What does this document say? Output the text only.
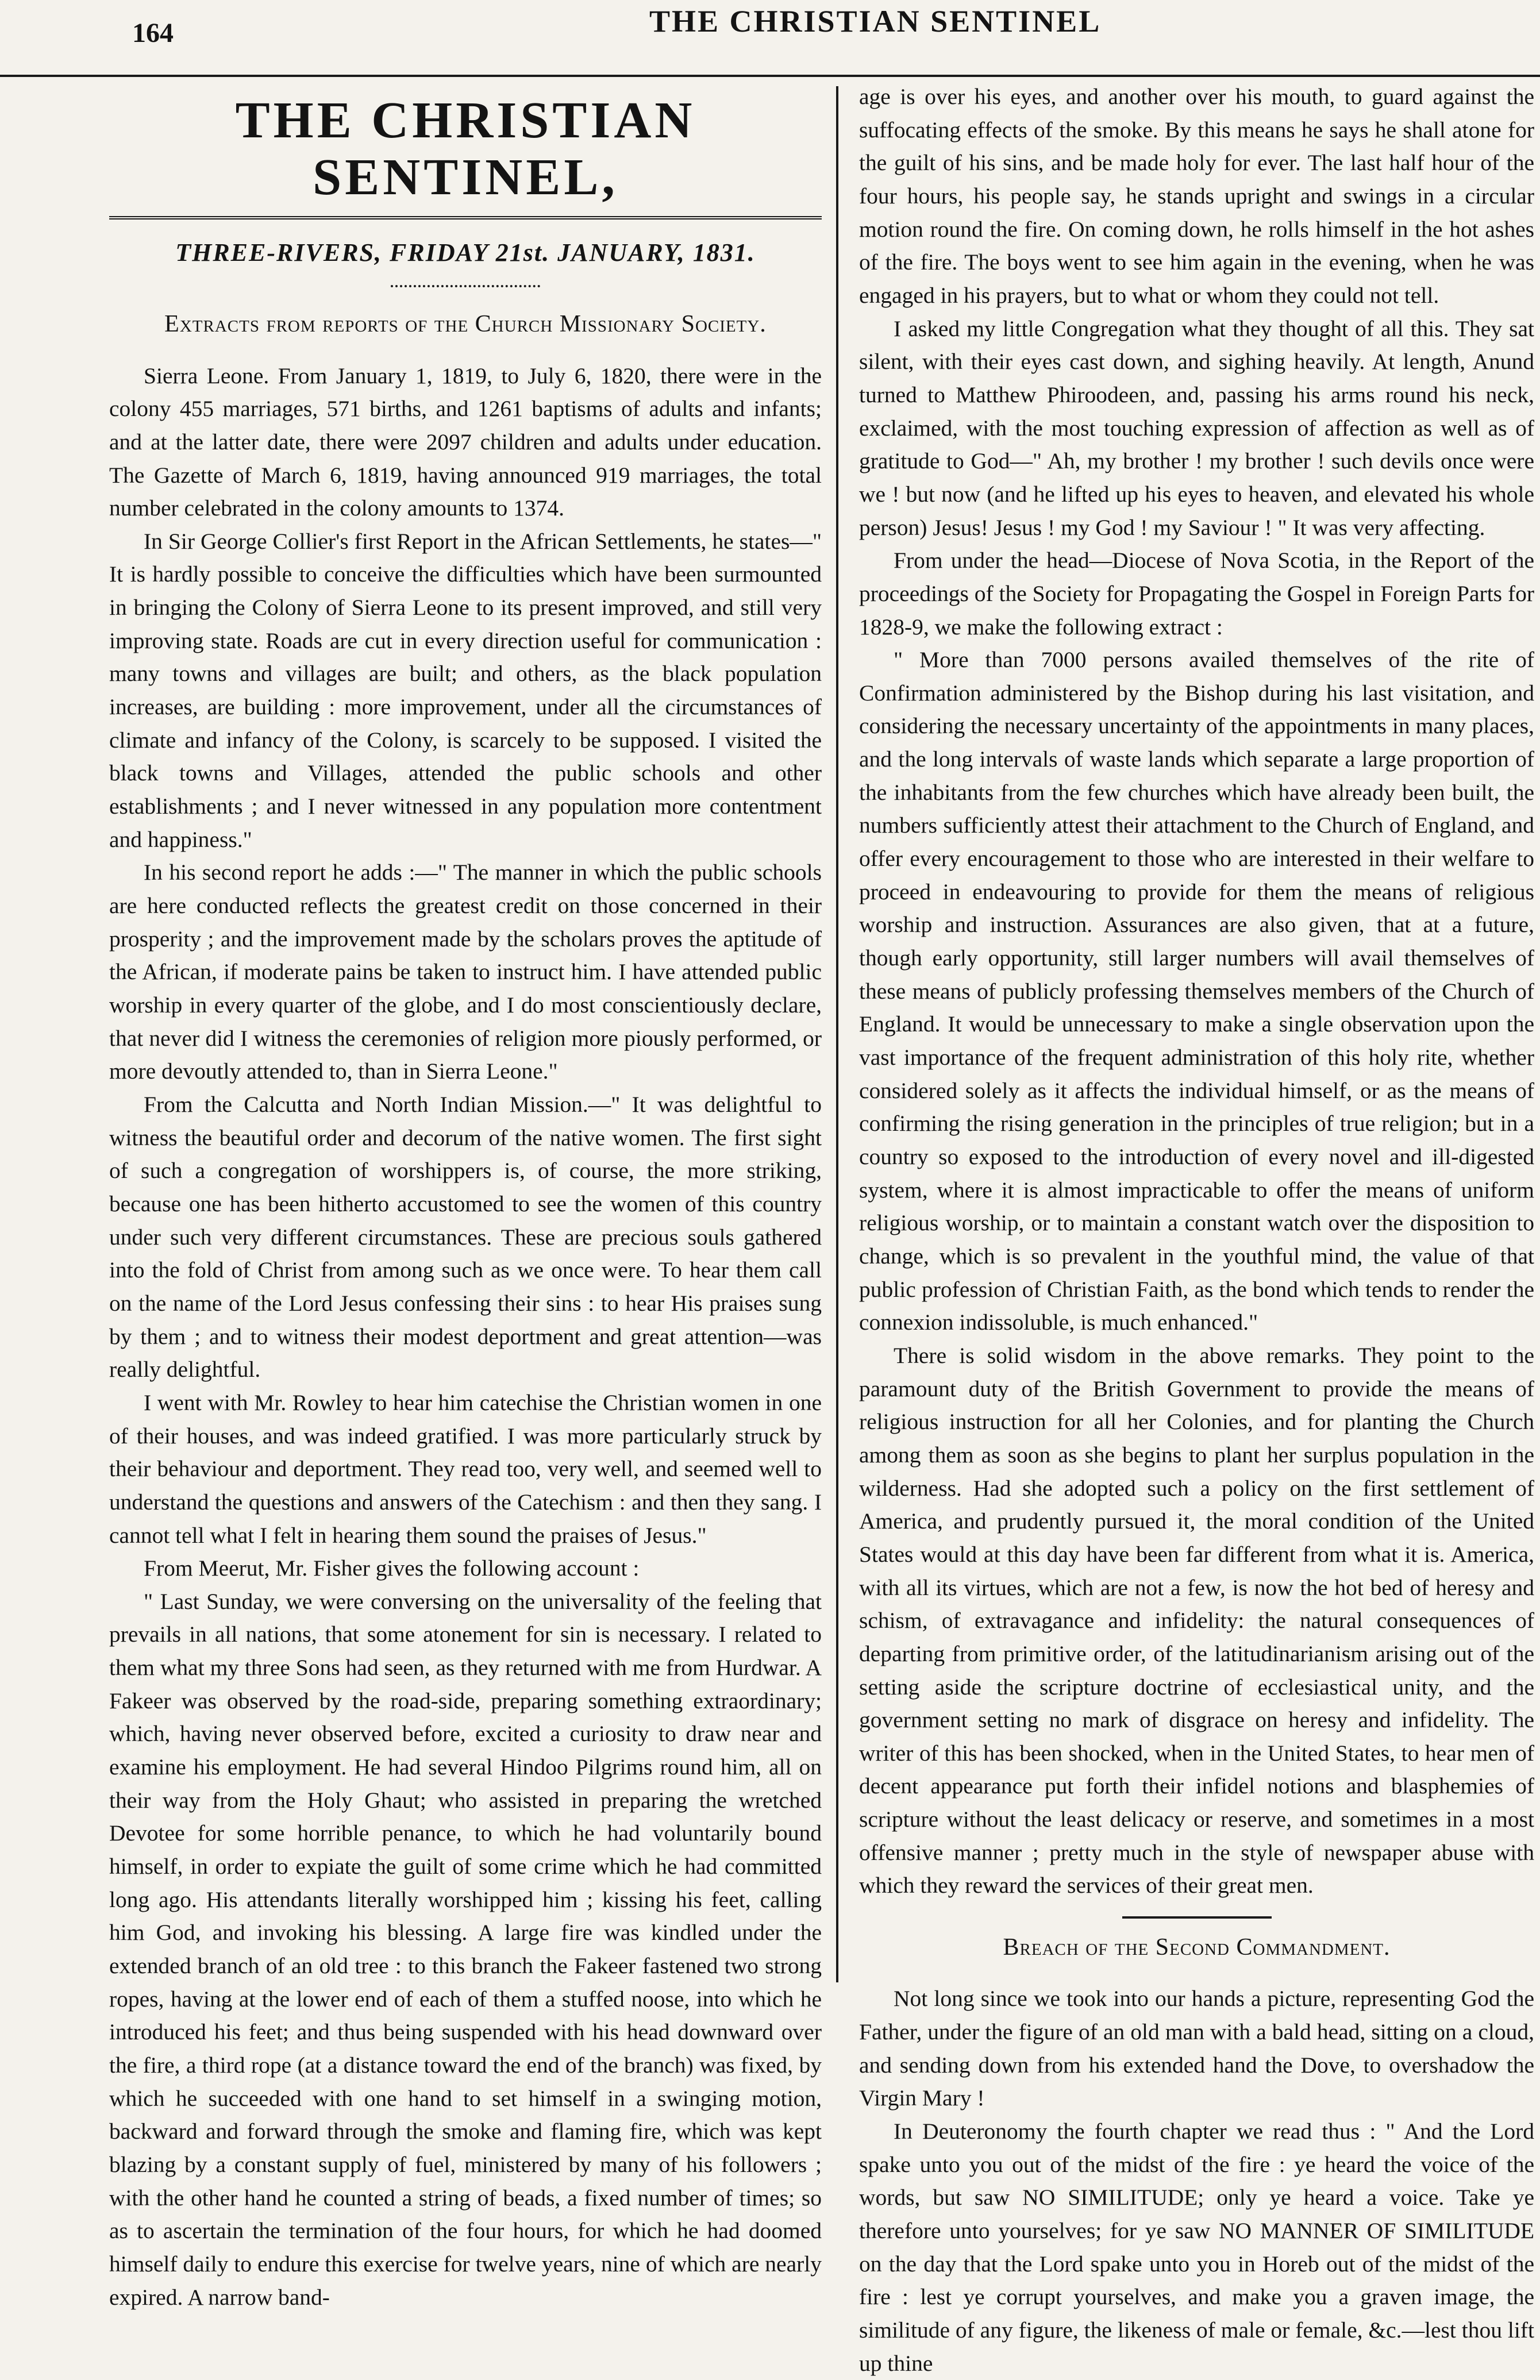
164	THE CHRISTIAN SENTINEL
THE CHRISTIAN SENTINEL,
THREE-RIVERS, FRIDAY 21st. JANUARY, 1831.
Extracts from reports of the Church Missionary Society.

Sierra Leone. From January 1, 1819, to July 6, 1820, there were in the colony 455 marriages, 571 births, and 1261 baptisms of adults and infants; and at the latter date, there were 2097 children and adults under education. The Gazette of March 6, 1819, having announced 919 marriages, the total number celebrated in the colony amounts to 1374.

In Sir George Collier's first Report in the African Settlements, he states—" It is hardly possible to conceive the difficulties which have been surmounted in bringing the Colony of Sierra Leone to its present improved, and still very improving state. Roads are cut in every direction useful for communication : many towns and villages are built; and others, as the black population increases, are building : more improvement, under all the circumstances of climate and infancy of the Colony, is scarcely to be supposed. I visited the black towns and Villages, attended the public schools and other establishments ; and I never witnessed in any population more contentment and happiness."

In his second report he adds :—" The manner in which the public schools are here conducted reflects the greatest credit on those concerned in their prosperity ; and the improvement made by the scholars proves the aptitude of the African, if moderate pains be taken to instruct him. I have attended public worship in every quarter of the globe, and I do most conscientiously declare, that never did I witness the ceremonies of religion more piously performed, or more devoutly attended to, than in Sierra Leone."

From the Calcutta and North Indian Mission.—" It was delightful to witness the beautiful order and decorum of the native women. The first sight of such a congregation of worshippers is, of course, the more striking, because one has been hitherto accustomed to see the women of this country under such very different circumstances. These are precious souls gathered into the fold of Christ from among such as we once were. To hear them call on the name of the Lord Jesus confessing their sins : to hear His praises sung by them ; and to witness their modest deportment and great attention—was really delightful.

I went with Mr. Rowley to hear him catechise the Christian women in one of their houses, and was indeed gratified. I was more particularly struck by their behaviour and deportment. They read too, very well, and seemed well to understand the questions and answers of the Catechism : and then they sang. I cannot tell what I felt in hearing them sound the praises of Jesus."

From Meerut, Mr. Fisher gives the following account :

" Last Sunday, we were conversing on the universality of the feeling that prevails in all nations, that some atonement for sin is necessary. I related to them what my three Sons had seen, as they returned with me from Hurdwar. A Fakeer was observed by the road-side, preparing something extraordinary; which, having never observed before, excited a curiosity to draw near and examine his employment. He had several Hindoo Pilgrims round him, all on their way from the Holy Ghaut; who assisted in preparing the wretched Devotee for some horrible penance, to which he had voluntarily bound himself, in order to expiate the guilt of some crime which he had committed long ago. His attendants literally worshipped him ; kissing his feet, calling him God, and invoking his blessing. A large fire was kindled under the extended branch of an old tree : to this branch the Fakeer fastened two strong ropes, having at the lower end of each of them a stuffed noose, into which he introduced his feet; and thus being suspended with his head downward over the fire, a third rope (at a distance toward the end of the branch) was fixed, by which he succeeded with one hand to set himself in a swinging motion, backward and forward through the smoke and flaming fire, which was kept blazing by a constant supply of fuel, ministered by many of his followers ; with the other hand he counted a string of beads, a fixed number of times; so as to ascertain the termination of the four hours, for which he had doomed himself daily to endure this exercise for twelve years, nine of which are nearly expired. A narrow band-

age is over his eyes, and another over his mouth, to guard against the suffocating effects of the smoke. By this means he says he shall atone for the guilt of his sins, and be made holy for ever. The last half hour of the four hours, his people say, he stands upright and swings in a circular motion round the fire. On coming down, he rolls himself in the hot ashes of the fire. The boys went to see him again in the evening, when he was engaged in his prayers, but to what or whom they could not tell.

I asked my little Congregation what they thought of all this. They sat silent, with their eyes cast down, and sighing heavily. At length, Anund turned to Matthew Phiroodeen, and, passing his arms round his neck, exclaimed, with the most touching expression of affection as well as of gratitude to God—" Ah, my brother ! my brother ! such devils once were we ! but now (and he lifted up his eyes to heaven, and elevated his whole person) Jesus! Jesus ! my God ! my Saviour ! " It was very affecting.

From under the head—Diocese of Nova Scotia, in the Report of the proceedings of the Society for Propagating the Gospel in Foreign Parts for 1828-9, we make the following extract :

" More than 7000 persons availed themselves of the rite of Confirmation administered by the Bishop during his last visitation, and considering the necessary uncertainty of the appointments in many places, and the long intervals of waste lands which separate a large proportion of the inhabitants from the few churches which have already been built, the numbers sufficiently attest their attachment to the Church of England, and offer every encouragement to those who are interested in their welfare to proceed in endeavouring to provide for them the means of religious worship and instruction. Assurances are also given, that at a future, though early opportunity, still larger numbers will avail themselves of these means of publicly professing themselves members of the Church of England. It would be unnecessary to make a single observation upon the vast importance of the frequent administration of this holy rite, whether considered solely as it affects the individual himself, or as the means of confirming the rising generation in the principles of true religion; but in a country so exposed to the introduction of every novel and ill-digested system, where it is almost impracticable to offer the means of uniform religious worship, or to maintain a constant watch over the disposition to change, which is so prevalent in the youthful mind, the value of that public profession of Christian Faith, as the bond which tends to render the connexion indissoluble, is much enhanced."

There is solid wisdom in the above remarks. They point to the paramount duty of the British Government to provide the means of religious instruction for all her Colonies, and for planting the Church among them as soon as she begins to plant her surplus population in the wilderness. Had she adopted such a policy on the first settlement of America, and prudently pursued it, the moral condition of the United States would at this day have been far different from what it is. America, with all its virtues, which are not a few, is now the hot bed of heresy and schism, of extravagance and infidelity: the natural consequences of departing from primitive order, of the latitudinarianism arising out of the setting aside the scripture doctrine of ecclesiastical unity, and the government setting no mark of disgrace on heresy and infidelity. The writer of this has been shocked, when in the United States, to hear men of decent appearance put forth their infidel notions and blasphemies of scripture without the least delicacy or reserve, and sometimes in a most offensive manner ; pretty much in the style of newspaper abuse with which they reward the services of their great men.

Breach of the Second Commandment.

Not long since we took into our hands a picture, representing God the Father, under the figure of an old man with a bald head, sitting on a cloud, and sending down from his extended hand the Dove, to overshadow the Virgin Mary !

In Deuteronomy the fourth chapter we read thus : " And the Lord spake unto you out of the midst of the fire : ye heard the voice of the words, but saw NO SIMILITUDE; only ye heard a voice. Take ye therefore unto yourselves; for ye saw NO MANNER OF SIMILITUDE on the day that the Lord spake unto you in Horeb out of the midst of the fire : lest ye corrupt yourselves, and make you a graven image, the similitude of any figure, the likeness of male or female, &c.—lest thou lift up thine
